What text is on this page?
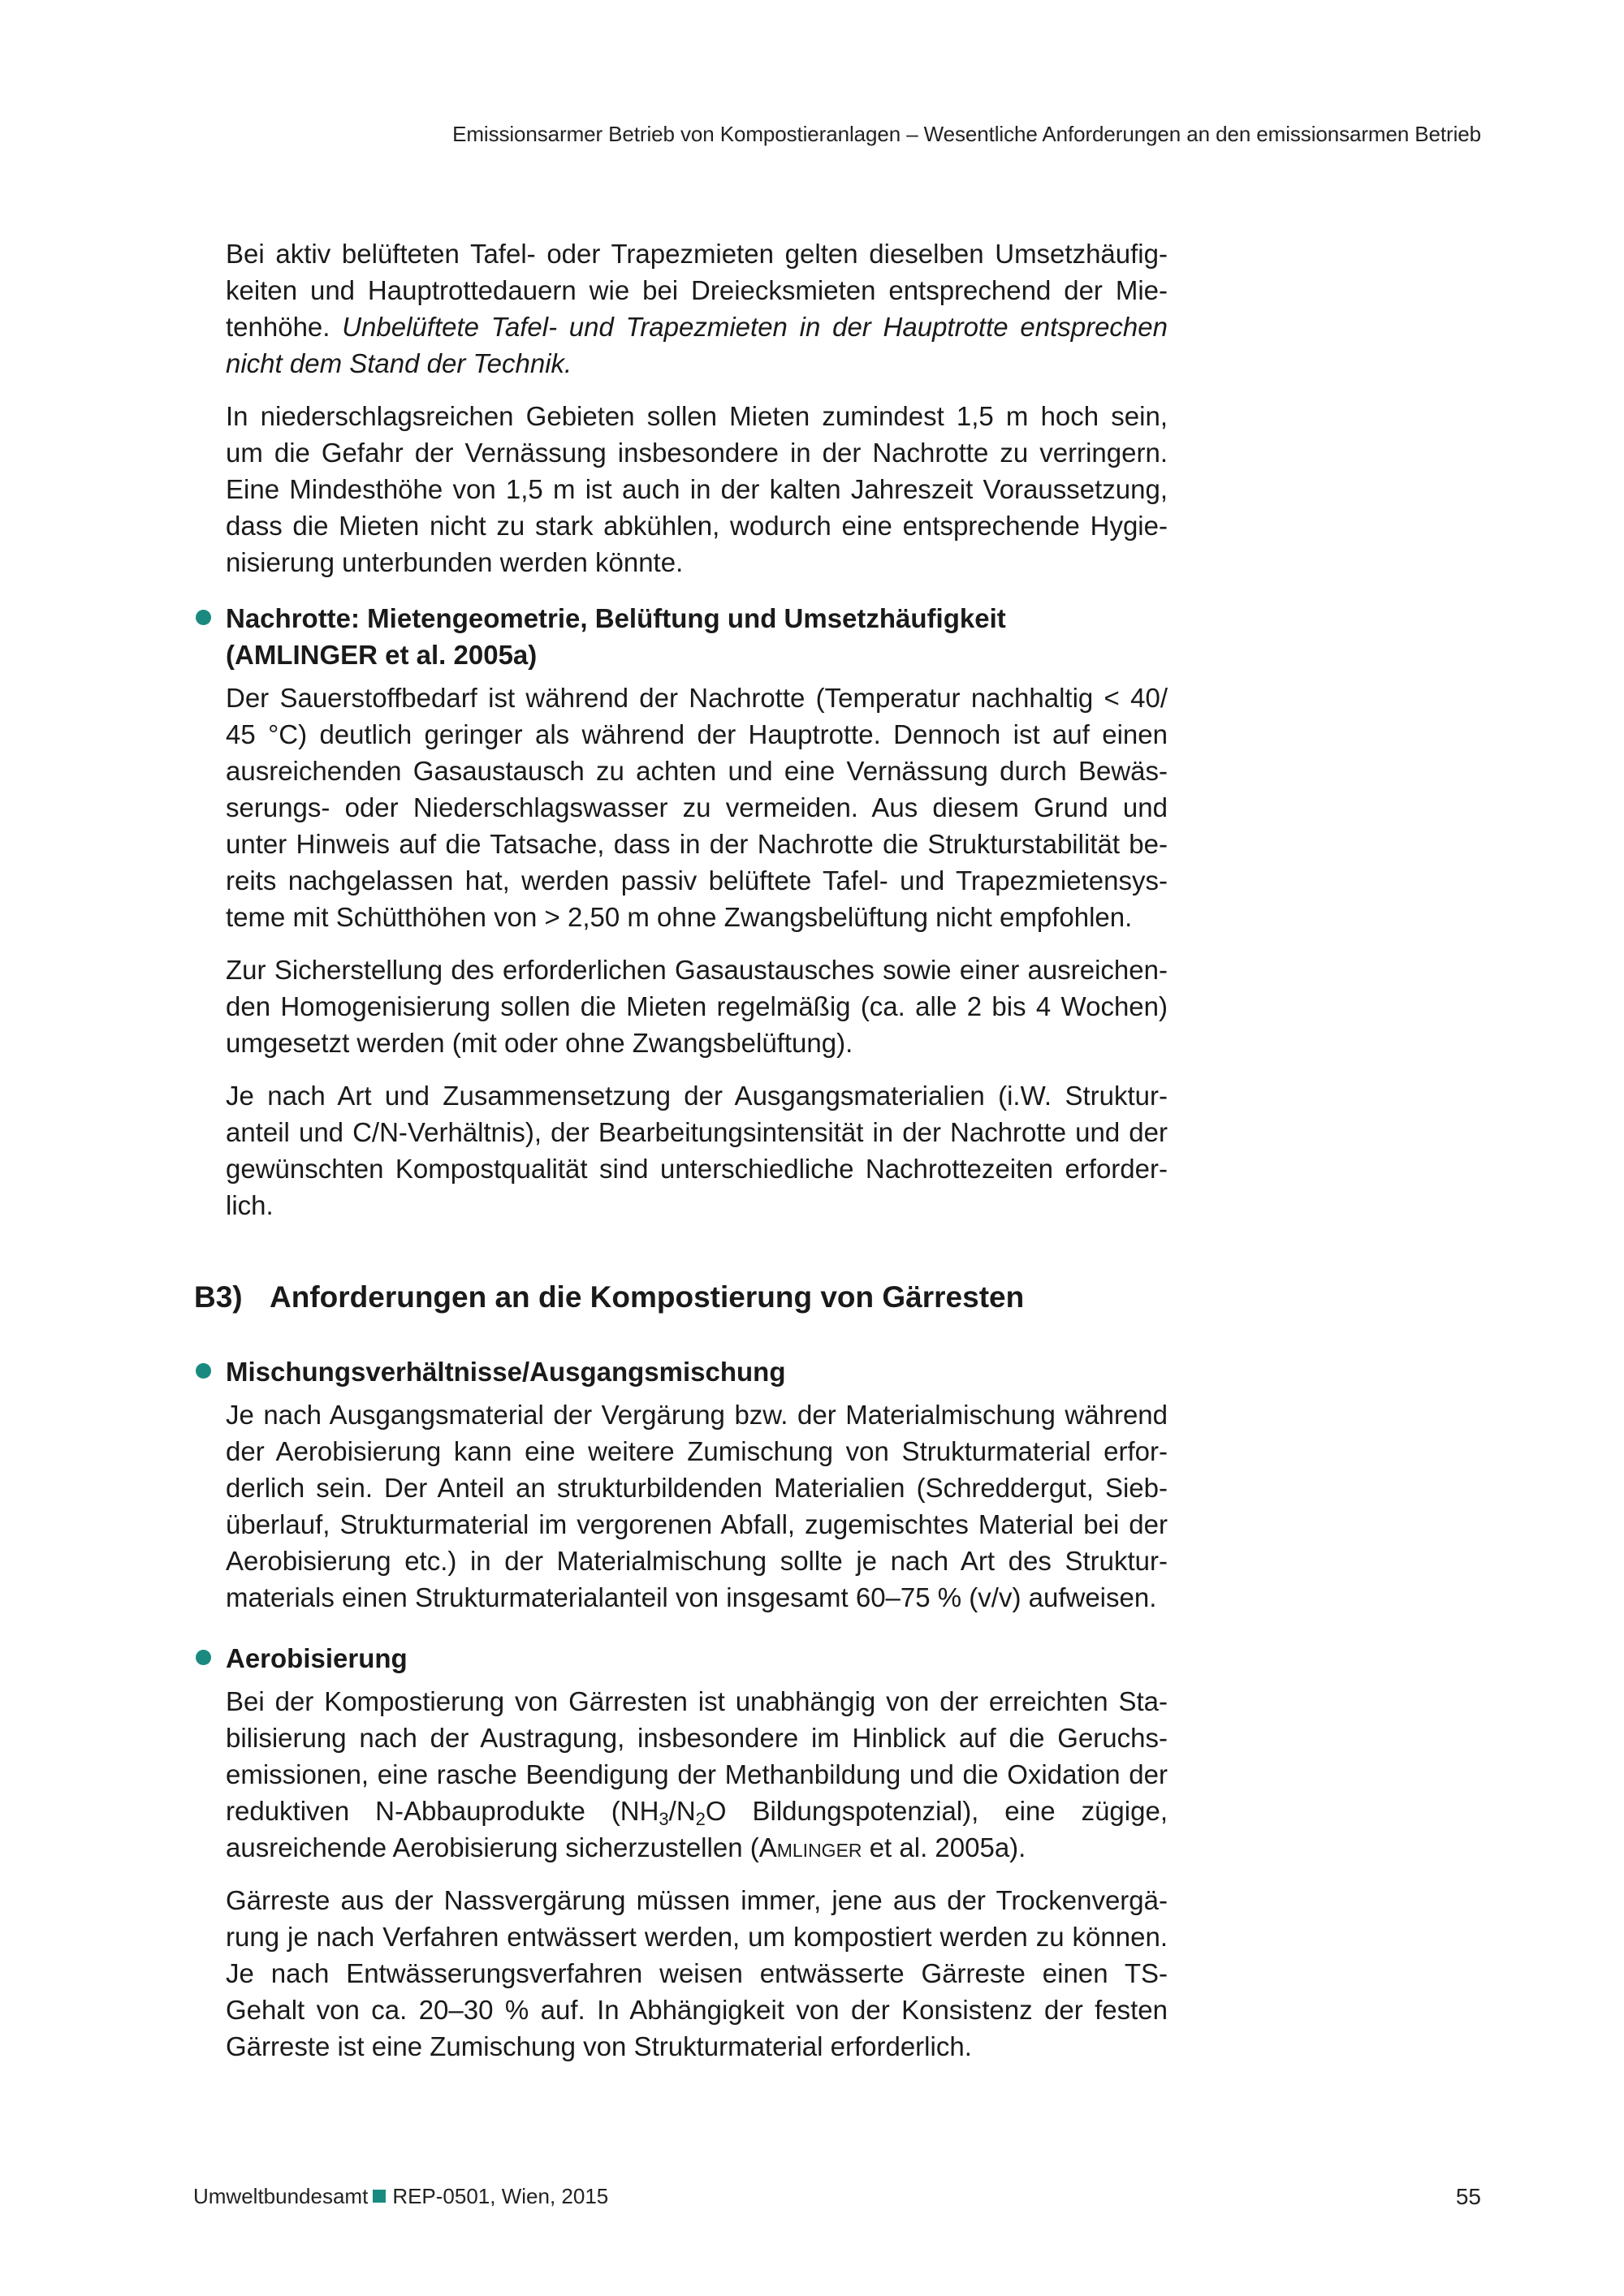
Emissionsarmer Betrieb von Kompostieranlagen – Wesentliche Anforderungen an den emissionsarmen Betrieb

Bei aktiv belüfteten Tafel- oder Trapezmieten gelten dieselben Umsetzhäufigkeiten und Hauptrottedauern wie bei Dreiecksmieten entsprechend der Mietenhöhe. Unbelüftete Tafel- und Trapezmieten in der Hauptrotte entsprechen nicht dem Stand der Technik.

In niederschlagsreichen Gebieten sollen Mieten zumindest 1,5 m hoch sein, um die Gefahr der Vernässung insbesondere in der Nachrotte zu verringern. Eine Mindesthöhe von 1,5 m ist auch in der kalten Jahreszeit Voraussetzung, dass die Mieten nicht zu stark abkühlen, wodurch eine entsprechende Hygienisierung unterbunden werden könnte.

Nachrotte: Mietengeometrie, Belüftung und Umsetzhäufigkeit
(AMLINGER et al. 2005a)

Der Sauerstoffbedarf ist während der Nachrotte (Temperatur nachhaltig < 40/ 45 °C) deutlich geringer als während der Hauptrotte. Dennoch ist auf einen ausreichenden Gasaustausch zu achten und eine Vernässung durch Bewässerungs- oder Niederschlagswasser zu vermeiden. Aus diesem Grund und unter Hinweis auf die Tatsache, dass in der Nachrotte die Strukturstabilität bereits nachgelassen hat, werden passiv belüftete Tafel- und Trapezmietensysteme mit Schütthöhen von > 2,50 m ohne Zwangsbelüftung nicht empfohlen.

Zur Sicherstellung des erforderlichen Gasaustausches sowie einer ausreichenden Homogenisierung sollen die Mieten regelmäßig (ca. alle 2 bis 4 Wochen) umgesetzt werden (mit oder ohne Zwangsbelüftung).

Je nach Art und Zusammensetzung der Ausgangsmaterialien (i.W. Strukturanteil und C/N-Verhältnis), der Bearbeitungsintensität in der Nachrotte und der gewünschten Kompostqualität sind unterschiedliche Nachrottezeiten erforderlich.

B3) Anforderungen an die Kompostierung von Gärresten
Mischungsverhältnisse/Ausgangsmischung

Je nach Ausgangsmaterial der Vergärung bzw. der Materialmischung während der Aerobisierung kann eine weitere Zumischung von Strukturmaterial erforderlich sein. Der Anteil an strukturbildenden Materialien (Schreddergut, Siebüberlauf, Strukturmaterial im vergorenen Abfall, zugemischtes Material bei der Aerobisierung etc.) in der Materialmischung sollte je nach Art des Strukturmaterials einen Strukturmaterialanteil von insgesamt 60–75 % (v/v) aufweisen.

Aerobisierung

Bei der Kompostierung von Gärresten ist unabhängig von der erreichten Stabilisierung nach der Austragung, insbesondere im Hinblick auf die Geruchsemissionen, eine rasche Beendigung der Methanbildung und die Oxidation der reduktiven N-Abbauprodukte ($NH_3/N_2O$ Bildungspotenzial), eine zügige, ausreichende Aerobisierung sicherzustellen (Amlinger et al. 2005a).

Gärreste aus der Nassvergärung müssen immer, jene aus der Trockenvergärung je nach Verfahren entwässert werden, um kompostiert werden zu können. Je nach Entwässerungsverfahren weisen entwässerte Gärreste einen TS-Gehalt von ca. 20–30 % auf. In Abhängigkeit von der Konsistenz der festen Gärreste ist eine Zumischung von Strukturmaterial erforderlich.

Umweltbundesamt REP-0501, Wien, 2015	55
